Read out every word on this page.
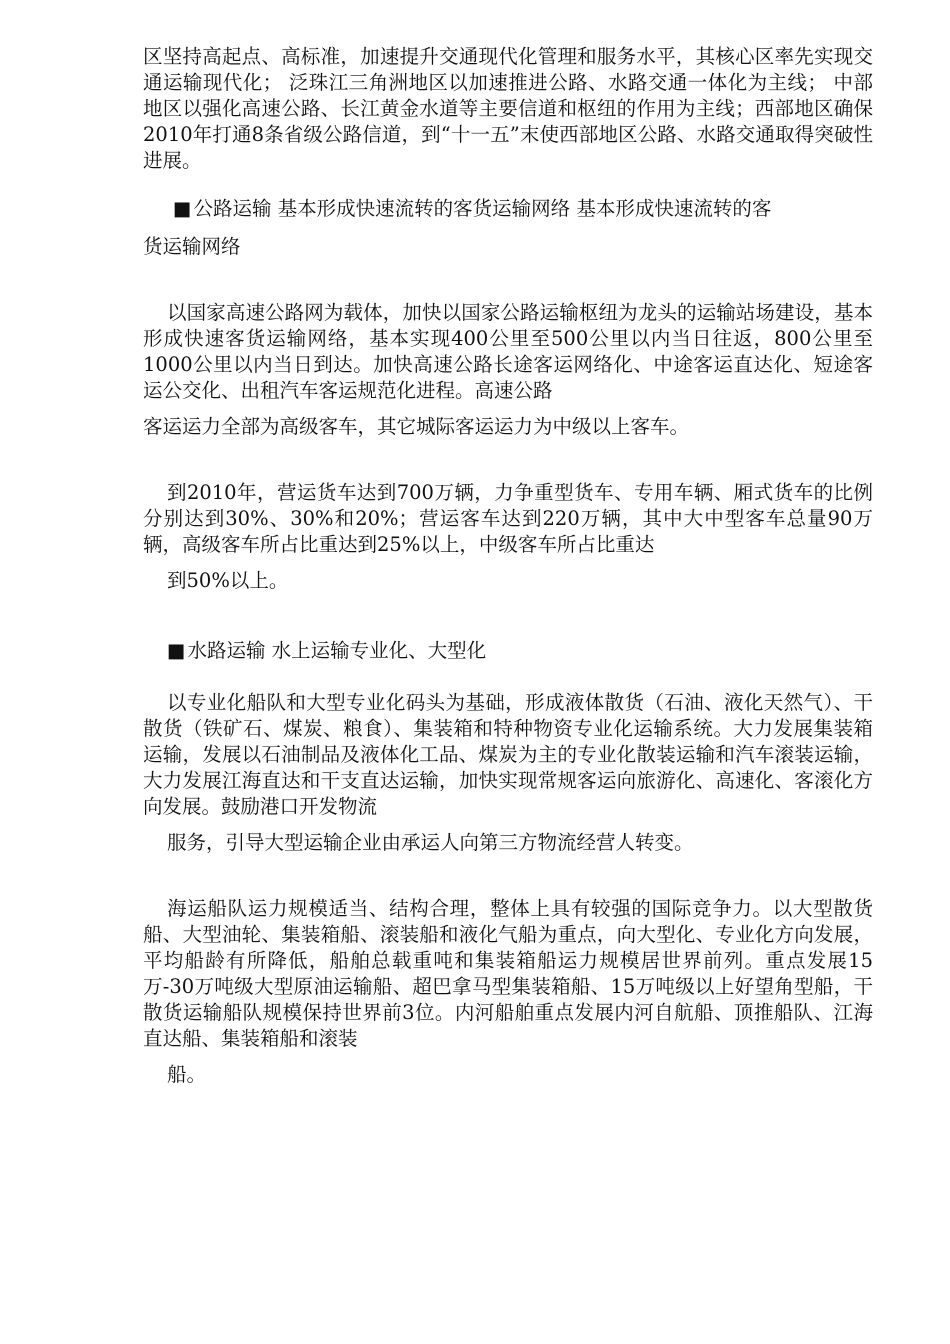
区坚持高起点、高标准，加速提升交通现代化管理和服务水平，其核心区率先实现交通运输现代化； 泛珠江三角洲地区以加速推进公路、水路交通一体化为主线； 中部地区以强化高速公路、长江黄金水道等主要信道和枢纽的作用为主线；西部地区确保2010年打通8条省级公路信道，到“十一五”末使西部地区公路、水路交通取得突破性进展。

■ 公路运输 基本形成快速流转的客货运输网络 基本形成快速流转的客

货运输网络

以国家高速公路网为载体，加快以国家公路运输枢纽为龙头的运输站场建设，基本形成快速客货运输网络，基本实现400公里至500公里以内当日往返，800公里至1000公里以内当日到达。加快高速公路长途客运网络化、中途客运直达化、短途客运公交化、出租汽车客运规范化进程。高速公路
客运运力全部为高级客车，其它城际客运运力为中级以上客车。

到2010年，营运货车达到700万辆，力争重型货车、专用车辆、厢式货车的比例分别达到30%、30%和20%；营运客车达到220万辆，其中大中型客车总量90万辆，高级客车所占比重达到25%以上，中级客车所占比重达
到50%以上。

■ 水路运输 水上运输专业化、大型化

以专业化船队和大型专业化码头为基础，形成液体散货（石油、液化天然气）、干散货（铁矿石、煤炭、粮食）、集装箱和特种物资专业化运输系统。大力发展集装箱运输，发展以石油制品及液体化工品、煤炭为主的专业化散装运输和汽车滚装运输，大力发展江海直达和干支直达运输，加快实现常规客运向旅游化、高速化、客滚化方向发展。鼓励港口开发物流
服务，引导大型运输企业由承运人向第三方物流经营人转变。

海运船队运力规模适当、结构合理，整体上具有较强的国际竞争力。以大型散货船、大型油轮、集装箱船、滚装船和液化气船为重点，向大型化、专业化方向发展，平均船龄有所降低，船舶总载重吨和集装箱船运力规模居世界前列。重点发展15万-30万吨级大型原油运输船、超巴拿马型集装箱船、15万吨级以上好望角型船，干散货运输船队规模保持世界前3位。内河船舶重点发展内河自航船、顶推船队、江海直达船、集装箱船和滚装
船。
